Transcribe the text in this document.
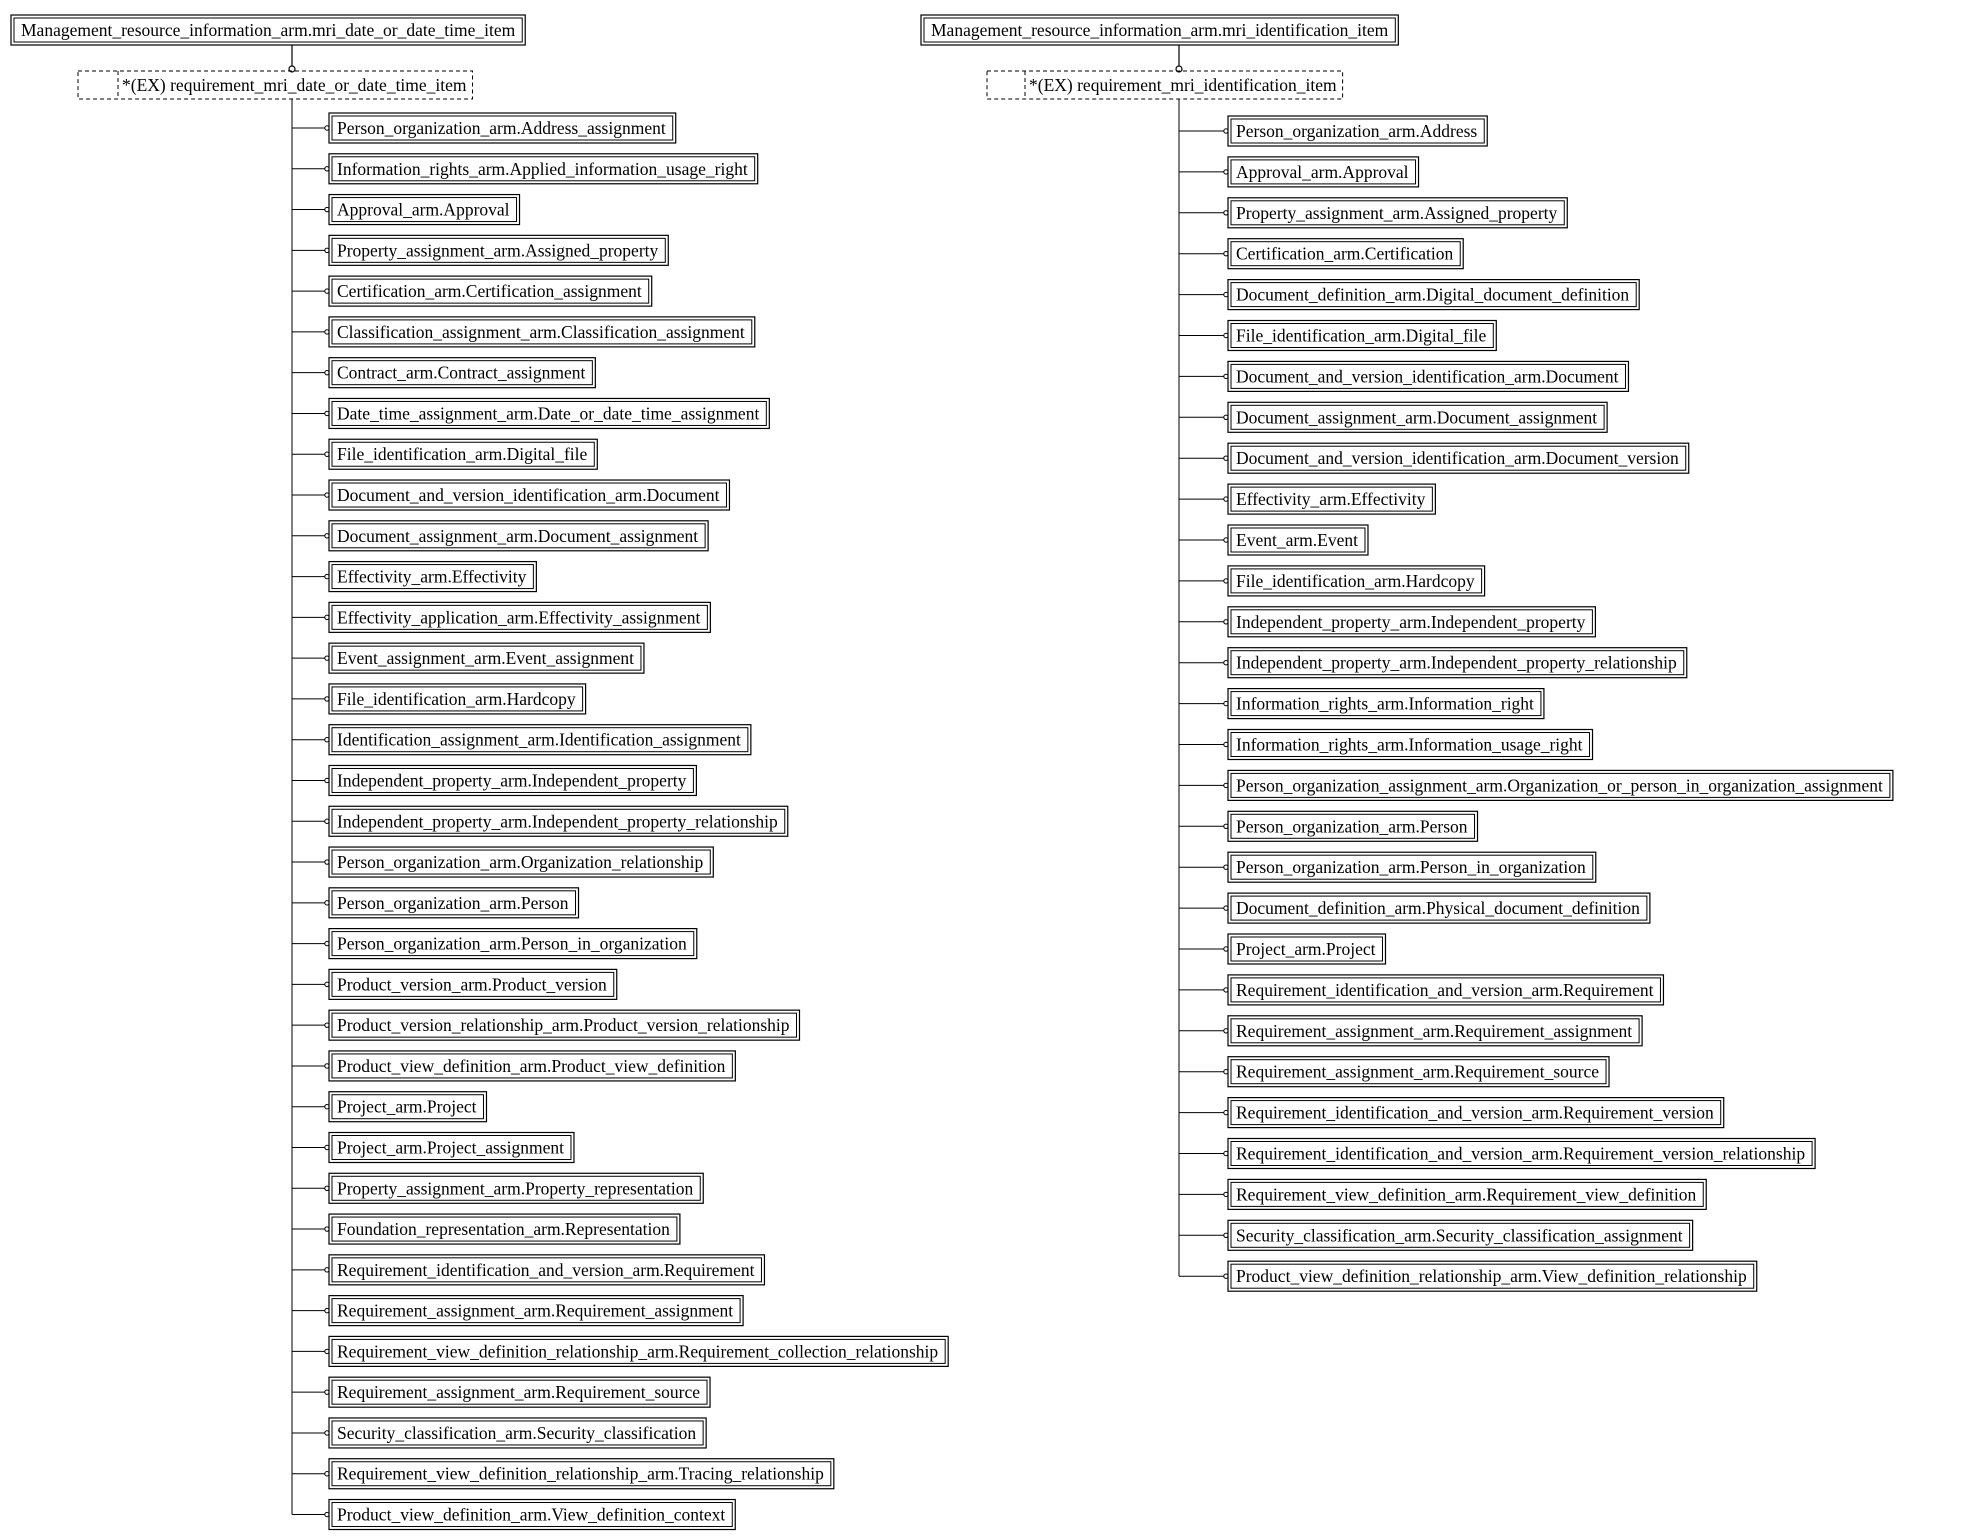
Management_resource_information_arm.mri_date_or_date_time_item
*(EX) requirement_mri_date_or_date_time_item
Person_organization_arm.Address_assignment
Information_rights_arm.Applied_information_usage_right
Approval_arm.Approval
Property_assignment_arm.Assigned_property
Certification_arm.Certification_assignment
Classification_assignment_arm.Classification_assignment
Contract_arm.Contract_assignment
Date_time_assignment_arm.Date_or_date_time_assignment
File_identification_arm.Digital_file
Document_and_version_identification_arm.Document
Document_assignment_arm.Document_assignment
Effectivity_arm.Effectivity
Effectivity_application_arm.Effectivity_assignment
Event_assignment_arm.Event_assignment
File_identification_arm.Hardcopy
Identification_assignment_arm.Identification_assignment
Independent_property_arm.Independent_property
Independent_property_arm.Independent_property_relationship
Person_organization_arm.Organization_relationship
Person_organization_arm.Person
Person_organization_arm.Person_in_organization
Product_version_arm.Product_version
Product_version_relationship_arm.Product_version_relationship
Product_view_definition_arm.Product_view_definition
Project_arm.Project
Project_arm.Project_assignment
Property_assignment_arm.Property_representation
Foundation_representation_arm.Representation
Requirement_identification_and_version_arm.Requirement
Requirement_assignment_arm.Requirement_assignment
Requirement_view_definition_relationship_arm.Requirement_collection_relationship
Requirement_assignment_arm.Requirement_source
Security_classification_arm.Security_classification
Requirement_view_definition_relationship_arm.Tracing_relationship
Product_view_definition_arm.View_definition_context
Management_resource_information_arm.mri_identification_item
*(EX) requirement_mri_identification_item
Person_organization_arm.Address
Approval_arm.Approval
Property_assignment_arm.Assigned_property
Certification_arm.Certification
Document_definition_arm.Digital_document_definition
File_identification_arm.Digital_file
Document_and_version_identification_arm.Document
Document_assignment_arm.Document_assignment
Document_and_version_identification_arm.Document_version
Effectivity_arm.Effectivity
Event_arm.Event
File_identification_arm.Hardcopy
Independent_property_arm.Independent_property
Independent_property_arm.Independent_property_relationship
Information_rights_arm.Information_right
Information_rights_arm.Information_usage_right
Person_organization_assignment_arm.Organization_or_person_in_organization_assignment
Person_organization_arm.Person
Person_organization_arm.Person_in_organization
Document_definition_arm.Physical_document_definition
Project_arm.Project
Requirement_identification_and_version_arm.Requirement
Requirement_assignment_arm.Requirement_assignment
Requirement_assignment_arm.Requirement_source
Requirement_identification_and_version_arm.Requirement_version
Requirement_identification_and_version_arm.Requirement_version_relationship
Requirement_view_definition_arm.Requirement_view_definition
Security_classification_arm.Security_classification_assignment
Product_view_definition_relationship_arm.View_definition_relationship
